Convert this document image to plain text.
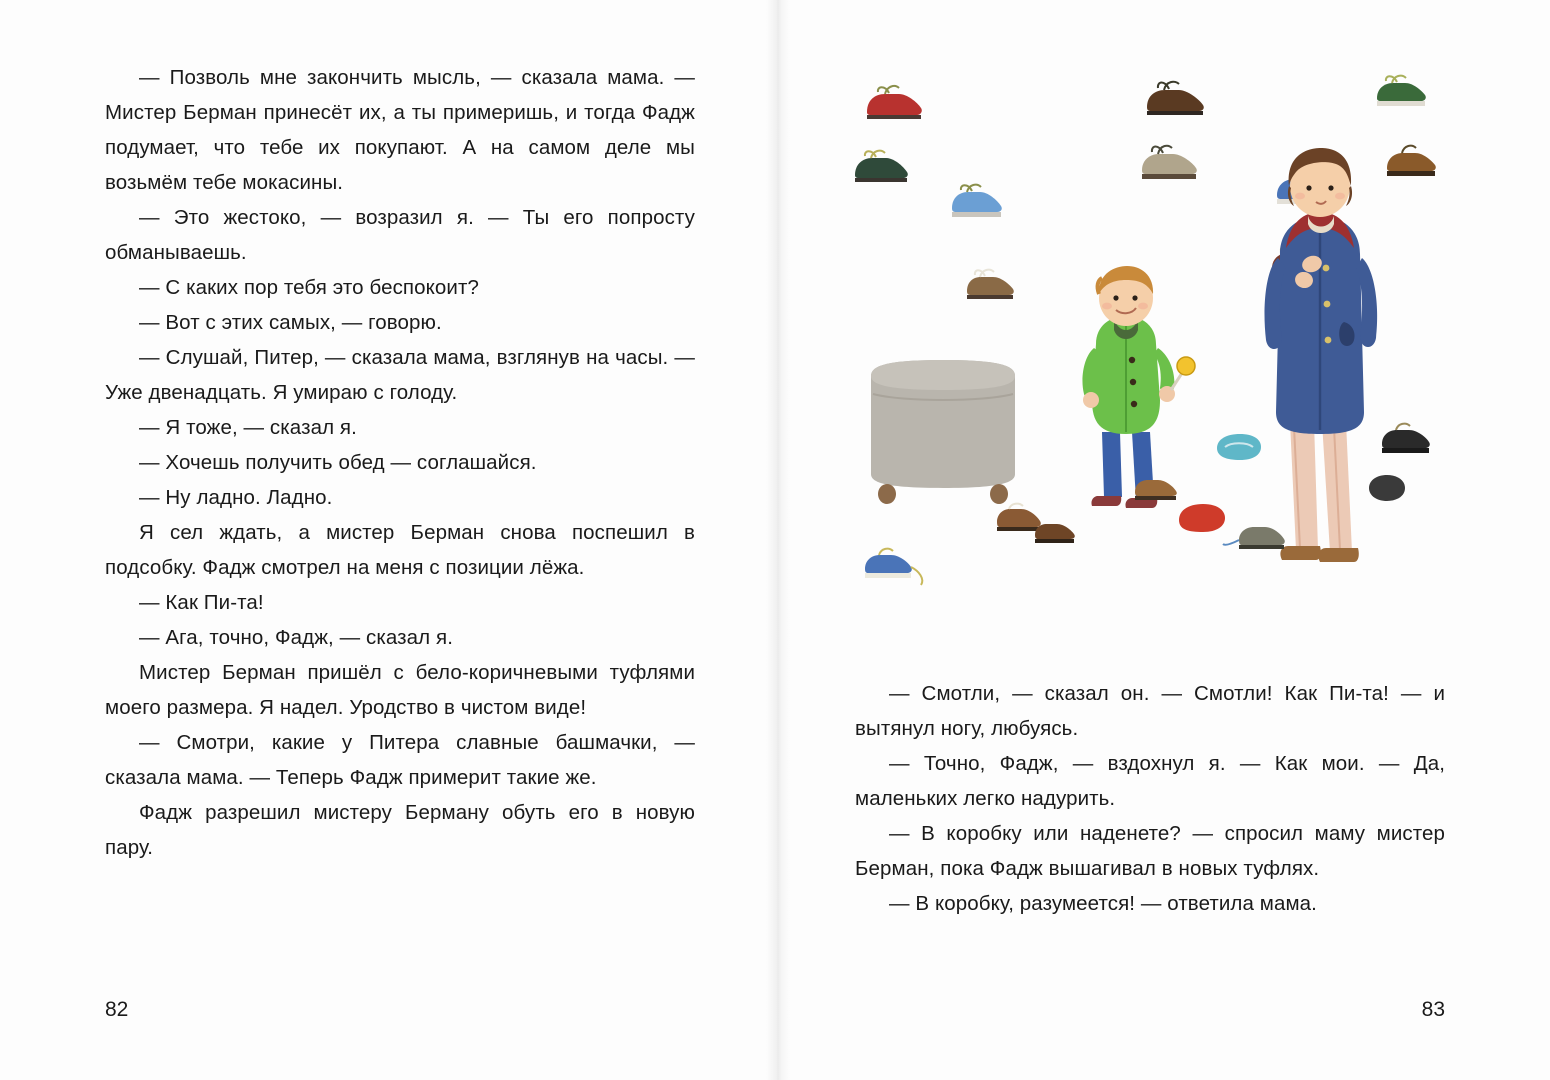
— Позволь мне закончить мысль, — сказала мама. — Мистер Берман принесёт их, а ты примеришь, и тогда Фадж подумает, что тебе их покупают. А на самом деле мы возьмём тебе мокасины.

— Это жестоко, — возразил я. — Ты его попросту обманываешь.

— С каких пор тебя это беспокоит?

— Вот с этих самых, — говорю.

— Слушай, Питер, — сказала мама, взглянув на часы. — Уже двенадцать. Я умираю с голоду.

— Я тоже, — сказал я.

— Хочешь получить обед — соглашайся.

— Ну ладно. Ладно.

Я сел ждать, а мистер Берман снова поспешил в подсобку. Фадж смотрел на меня с позиции лёжа.

— Как Пи-та!

— Ага, точно, Фадж, — сказал я.

Мистер Берман пришёл с бело-коричневыми туфлями моего размера. Я надел. Уродство в чистом виде!

— Смотри, какие у Питера славные башмачки, — сказала мама. — Теперь Фадж примерит такие же.

Фадж разрешил мистеру Берману обуть его в новую пару.

82

— Смотли, — сказал он. — Смотли! Как Пи-та! — и вытянул ногу, любуясь.

— Точно, Фадж, — вздохнул я. — Как мои. — Да, маленьких легко надурить.

— В коробку или наденете? — спросил маму мистер Берман, пока Фадж вышагивал в новых туфлях.

— В коробку, разумеется! — ответила мама.

83
